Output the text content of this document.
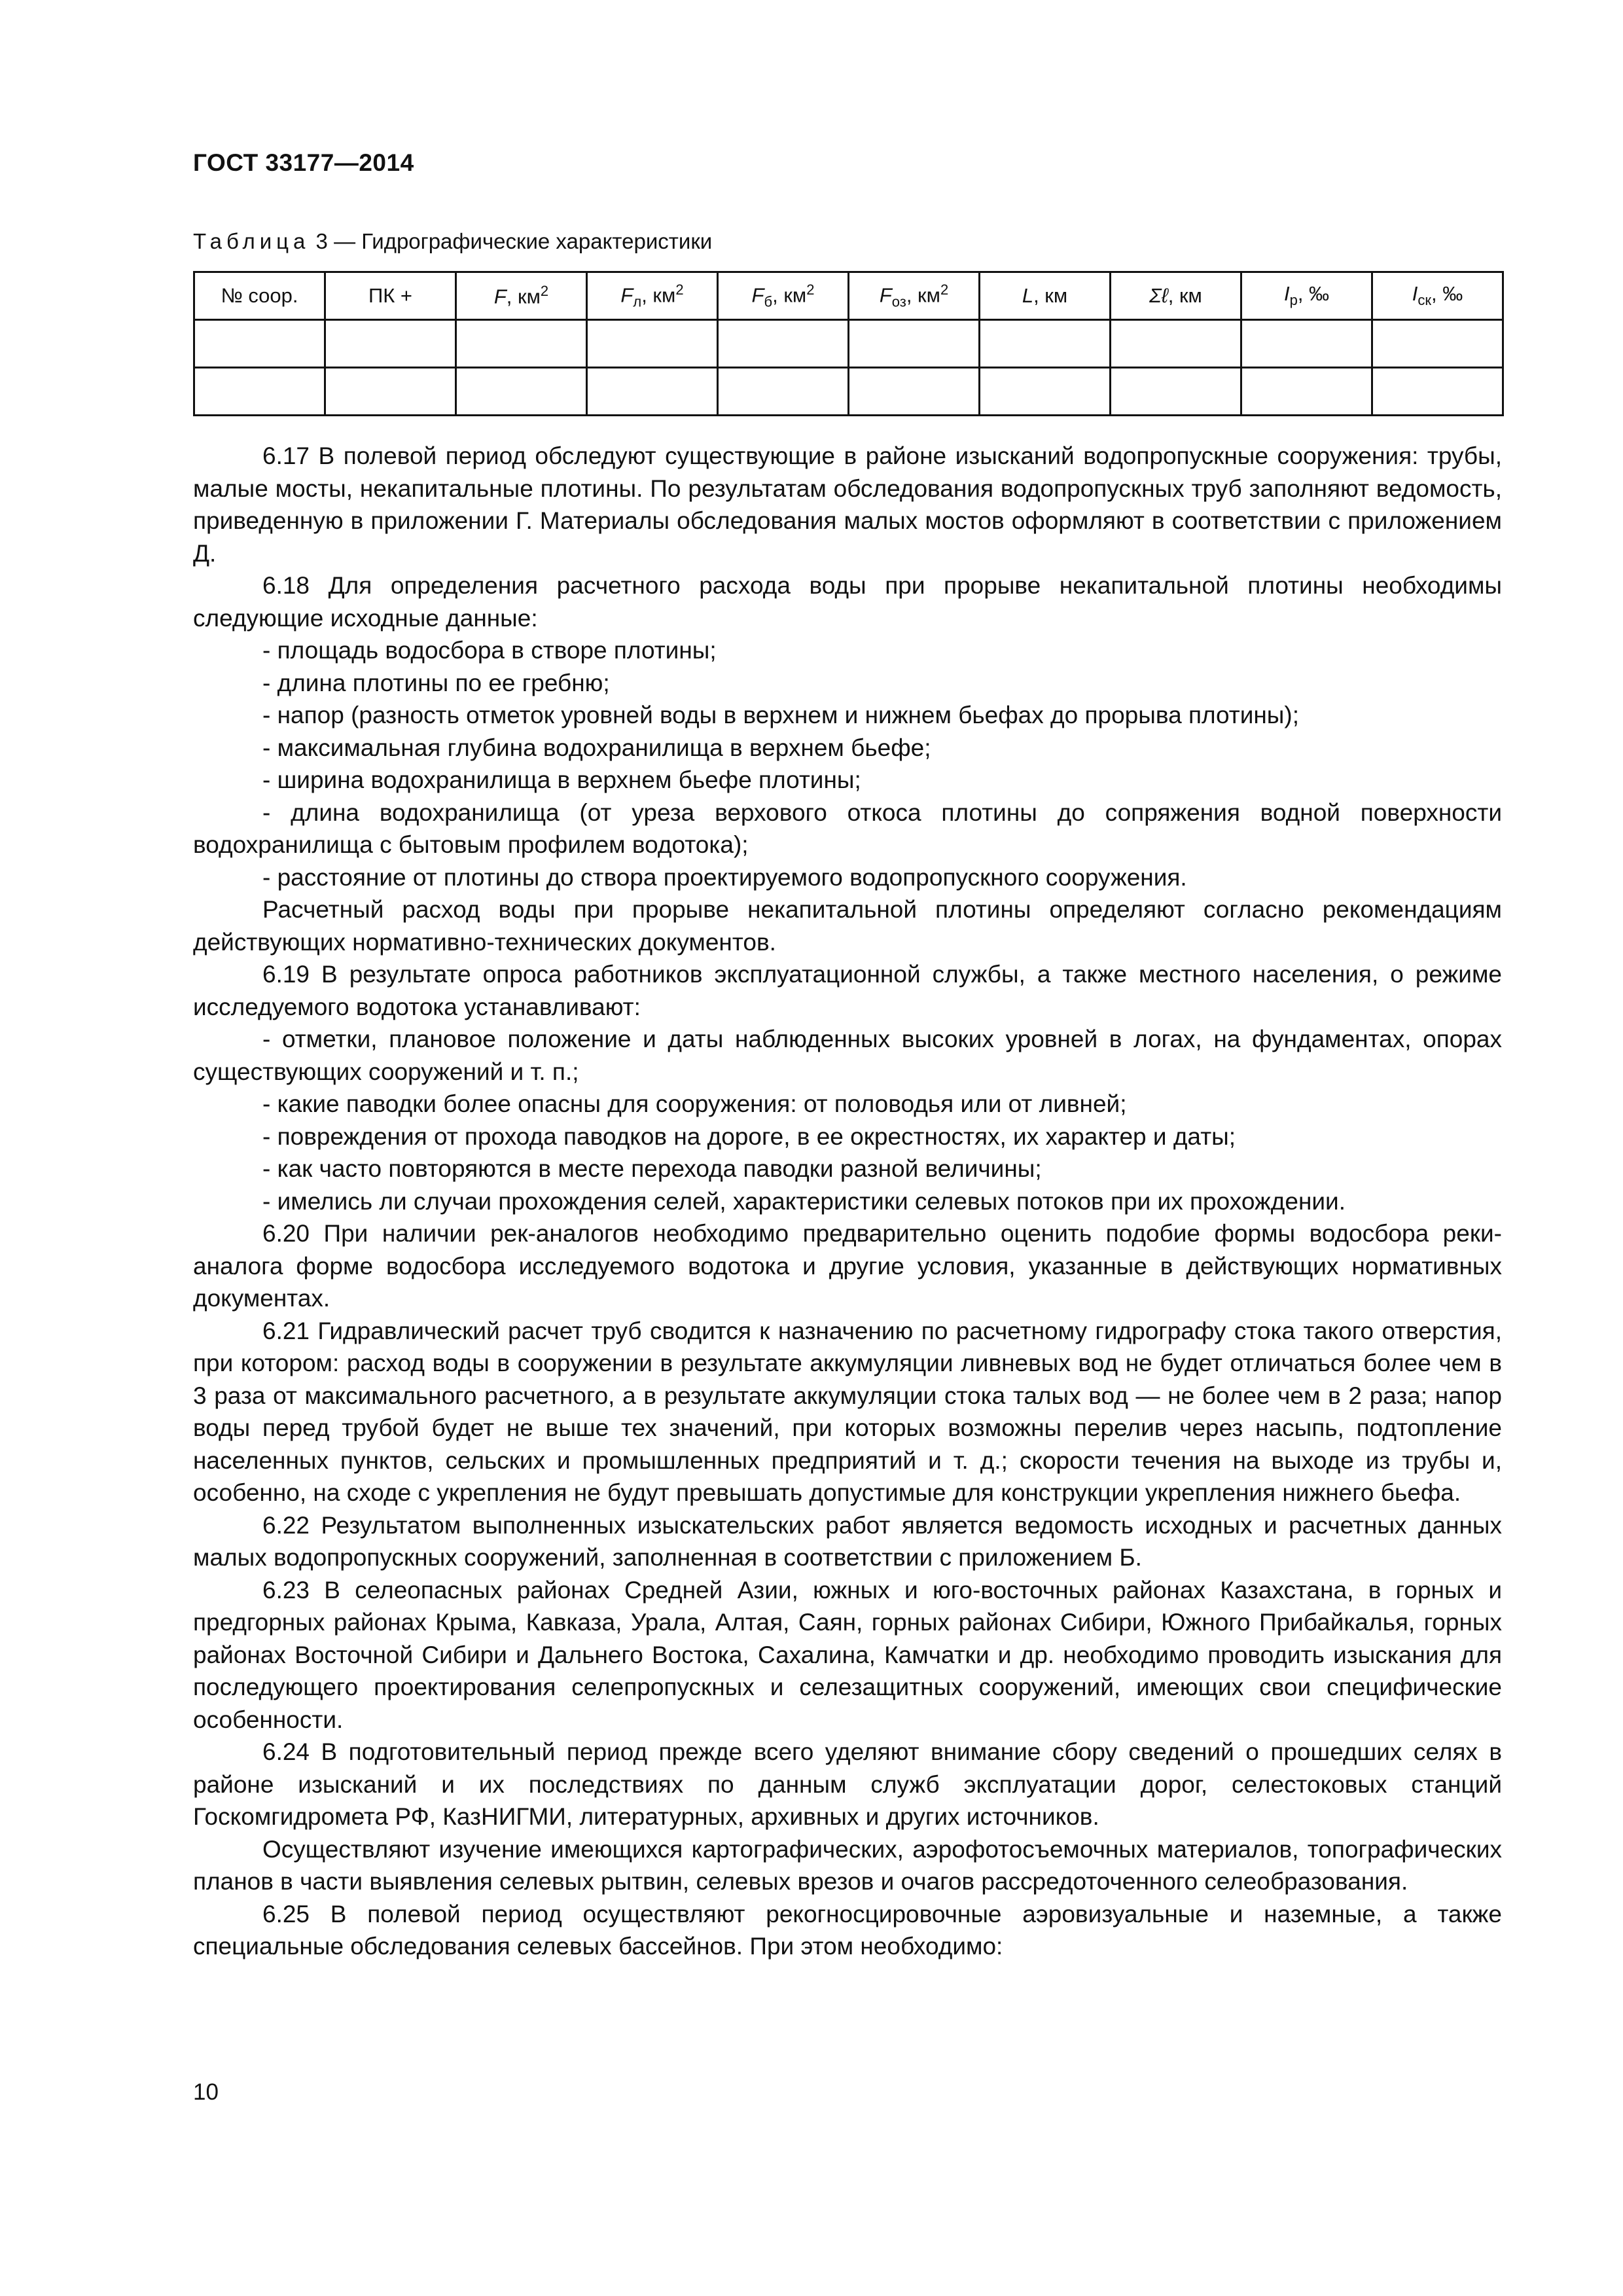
ГОСТ 33177—2014
Таблица 3 — Гидрографические характеристики
№ соор.	ПК +	F, $км^2$	$F_л$, $км^2$	$F_б$, $км^2$	$F_{оз}$, $км^2$	L, км	Σℓ, км	$I_р$, ‰	$I_{ск}$, ‰

6.17 В полевой период обследуют существующие в районе изысканий водопропускные сооружения: трубы, малые мосты, некапитальные плотины. По результатам обследования водопропускных труб заполняют ведомость, приведенную в приложении Г. Материалы обследования малых мостов оформляют в соответствии с приложением Д.

6.18 Для определения расчетного расхода воды при прорыве некапитальной плотины необходимы следующие исходные данные:

- площадь водосбора в створе плотины;

- длина плотины по ее гребню;

- напор (разность отметок уровней воды в верхнем и нижнем бьефах до прорыва плотины);

- максимальная глубина водохранилища в верхнем бьефе;

- ширина водохранилища в верхнем бьефе плотины;

- длина водохранилища (от уреза верхового откоса плотины до сопряжения водной поверхности водохранилища с бытовым профилем водотока);

- расстояние от плотины до створа проектируемого водопропускного сооружения.

Расчетный расход воды при прорыве некапитальной плотины определяют согласно рекомендациям действующих нормативно-технических документов.

6.19 В результате опроса работников эксплуатационной службы, а также местного населения, о режиме исследуемого водотока устанавливают:

- отметки, плановое положение и даты наблюденных высоких уровней в логах, на фундаментах, опорах существующих сооружений и т. п.;

- какие паводки более опасны для сооружения: от половодья или от ливней;

- повреждения от прохода паводков на дороге, в ее окрестностях, их характер и даты;

- как часто повторяются в месте перехода паводки разной величины;

- имелись ли случаи прохождения селей, характеристики селевых потоков при их прохождении.

6.20 При наличии рек-аналогов необходимо предварительно оценить подобие формы водосбора реки-аналога форме водосбора исследуемого водотока и другие условия, указанные в действующих нормативных документах.

6.21 Гидравлический расчет труб сводится к назначению по расчетному гидрографу стока такого отверстия, при котором: расход воды в сооружении в результате аккумуляции ливневых вод не будет отличаться более чем в 3 раза от максимального расчетного, а в результате аккумуляции стока талых вод — не более чем в 2 раза; напор воды перед трубой будет не выше тех значений, при которых возможны перелив через насыпь, подтопление населенных пунктов, сельских и промышленных предприятий и т. д.; скорости течения на выходе из трубы и, особенно, на сходе с укрепления не будут превышать допустимые для конструкции укрепления нижнего бьефа.

6.22 Результатом выполненных изыскательских работ является ведомость исходных и расчетных данных малых водопропускных сооружений, заполненная в соответствии с приложением Б.

6.23 В селеопасных районах Средней Азии, южных и юго-восточных районах Казахстана, в горных и предгорных районах Крыма, Кавказа, Урала, Алтая, Саян, горных районах Сибири, Южного Прибайкалья, горных районах Восточной Сибири и Дальнего Востока, Сахалина, Камчатки и др. необходимо проводить изыскания для последующего проектирования селепропускных и селезащитных сооружений, имеющих свои специфические особенности.

6.24 В подготовительный период прежде всего уделяют внимание сбору сведений о прошедших селях в районе изысканий и их последствиях по данным служб эксплуатации дорог, селестоковых станций Госкомгидромета РФ, КазНИГМИ, литературных, архивных и других источников.

Осуществляют изучение имеющихся картографических, аэрофотосъемочных материалов, топографических планов в части выявления селевых рытвин, селевых врезов и очагов рассредоточенного селеобразования.

6.25 В полевой период осуществляют рекогносцировочные аэровизуальные и наземные, а также специальные обследования селевых бассейнов. При этом необходимо:

10
